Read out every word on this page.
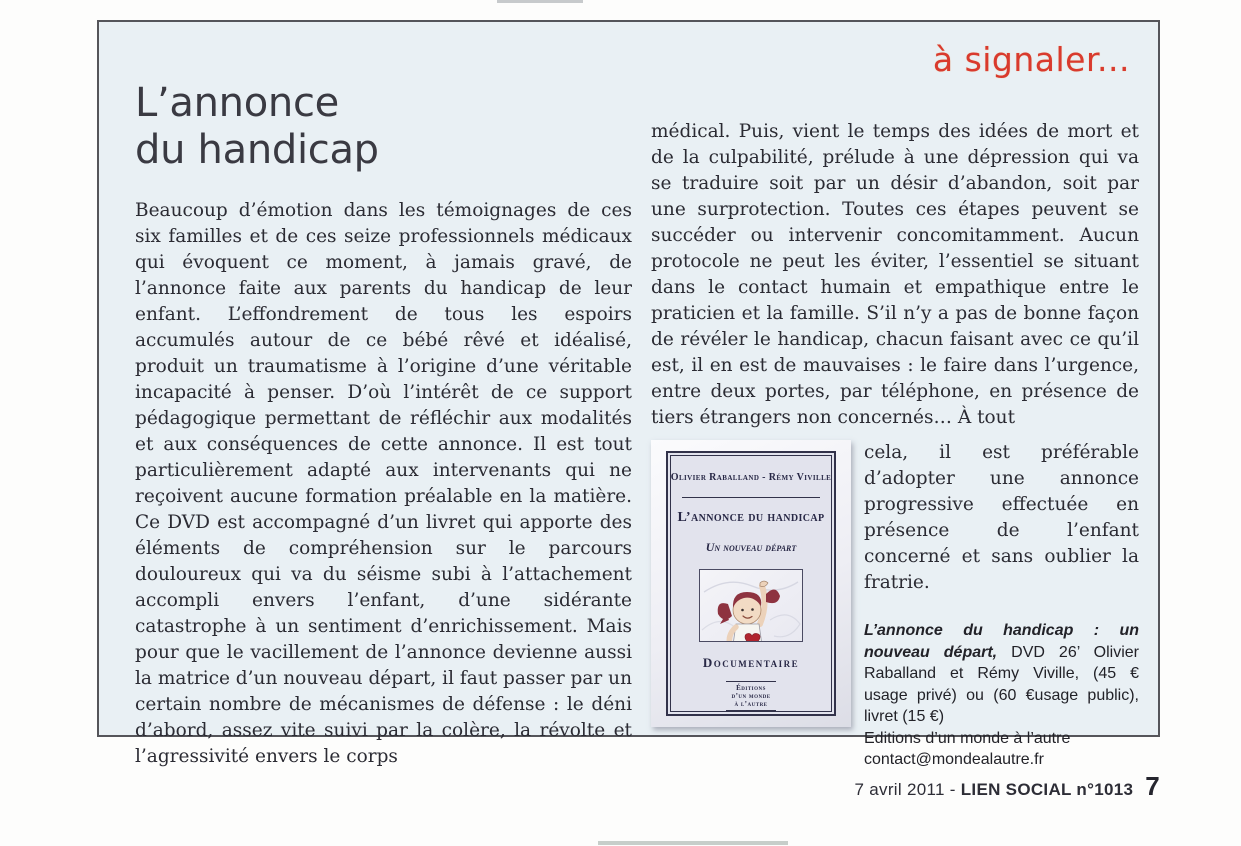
à signaler...
L’annonce
du handicap

Beaucoup d’émotion dans les témoignages de ces six familles et de ces seize professionnels médicaux qui évoquent ce moment, à jamais gravé, de l’annonce faite aux parents du handicap de leur enfant. L’effondrement de tous les espoirs accumulés autour de ce bébé rêvé et idéalisé, produit un traumatisme à l’origine d’une véritable incapacité à penser. D’où l’intérêt de ce support pédagogique permettant de réfléchir aux modalités et aux conséquences de cette annonce. Il est tout particulièrement adapté aux intervenants qui ne reçoivent aucune formation préalable en la matière. Ce DVD est accompagné d’un livret qui apporte des éléments de compréhension sur le parcours douloureux qui va du séisme subi à l’attachement accompli envers l’enfant, d’une sidérante catastrophe à un sentiment d’enrichissement. Mais pour que le vacillement de l’annonce devienne aussi la matrice d’un nouveau départ, il faut passer par un certain nombre de mécanismes de défense : le déni d’abord, assez vite suivi par la colère, la révolte et l’agressivité envers le corps

médical. Puis, vient le temps des idées de mort et de la culpabilité, prélude à une dépression qui va se traduire soit par un désir d’abandon, soit par une surprotection. Toutes ces étapes peuvent se succéder ou intervenir concomitamment. Aucun protocole ne peut les éviter, l’essentiel se situant dans le contact humain et empathique entre le praticien et la famille. S’il n’y a pas de bonne façon de révéler le handicap, chacun faisant avec ce qu’il est, il en est de mauvaises : le faire dans l’urgence, entre deux portes, par téléphone, en présence de tiers étrangers non concernés… À tout

Olivier Raballand - Rémy Viville
L’annonce du handicap
Un nouveau départ
Documentaire
Éditions
d’un monde
à l’autre

cela, il est préférable d’adopter une annonce progressive effectuée en présence de l’enfant concerné et sans oublier la fratrie.

L’annonce du handicap : un nouveau départ, DVD 26’ Olivier Raballand et Rémy Viville, (45 € usage privé) ou (60 €usage public), livret (15 €)

Editions d’un monde à l’autre

contact@mondealautre.fr

7 avril 2011 - LIEN SOCIAL n°1013 7
